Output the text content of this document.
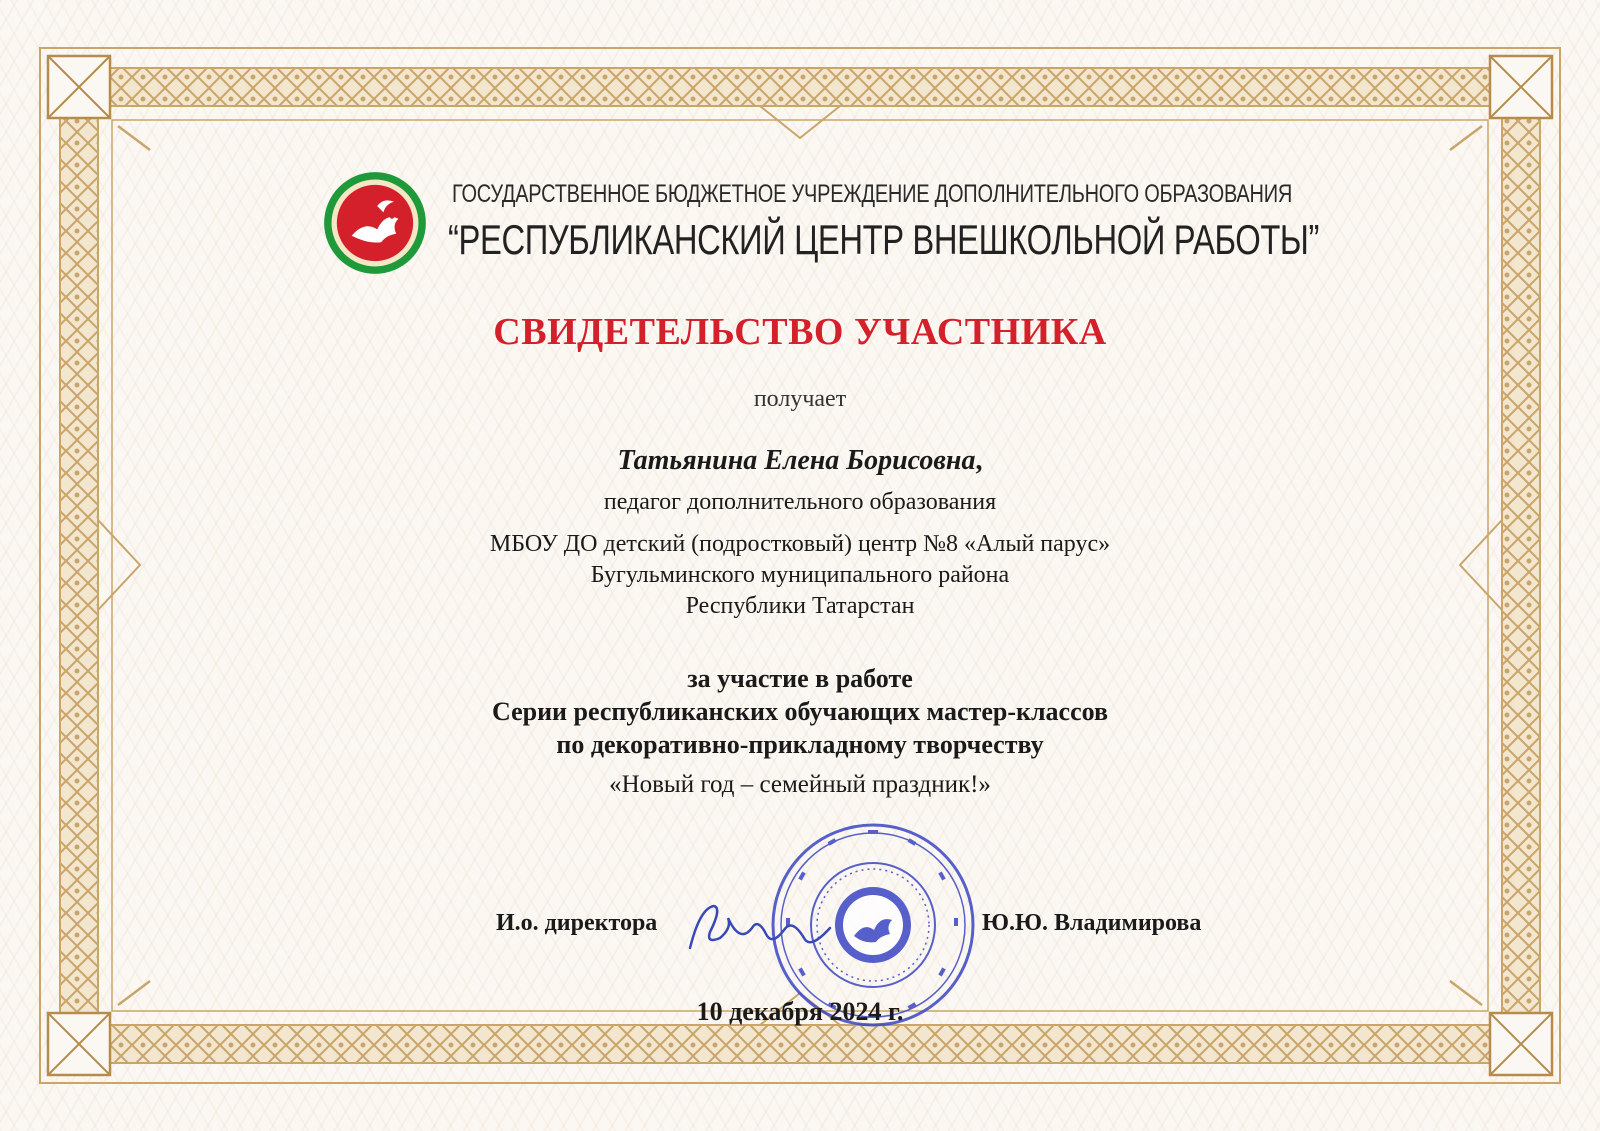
ГОСУДАРСТВЕННОЕ БЮДЖЕТНОЕ УЧРЕЖДЕНИЕ ДОПОЛНИТЕЛЬНОГО ОБРАЗОВАНИЯ
“РЕСПУБЛИКАНСКИЙ ЦЕНТР ВНЕШКОЛЬНОЙ РАБОТЫ”
СВИДЕТЕЛЬСТВО УЧАСТНИКА
получает
Татьянина Елена Борисовна,
педагог дополнительного образования
МБОУ ДО детский (подростковый) центр №8 «Алый парус»
Бугульминского муниципального района
Республики Татарстан
за участие в работе
Серии республиканских обучающих мастер-классов
по декоративно-прикладному творчеству
«Новый год – семейный праздник!»
И.о. директора	Ю.Ю. Владимирова
10 декабря 2024 г.
